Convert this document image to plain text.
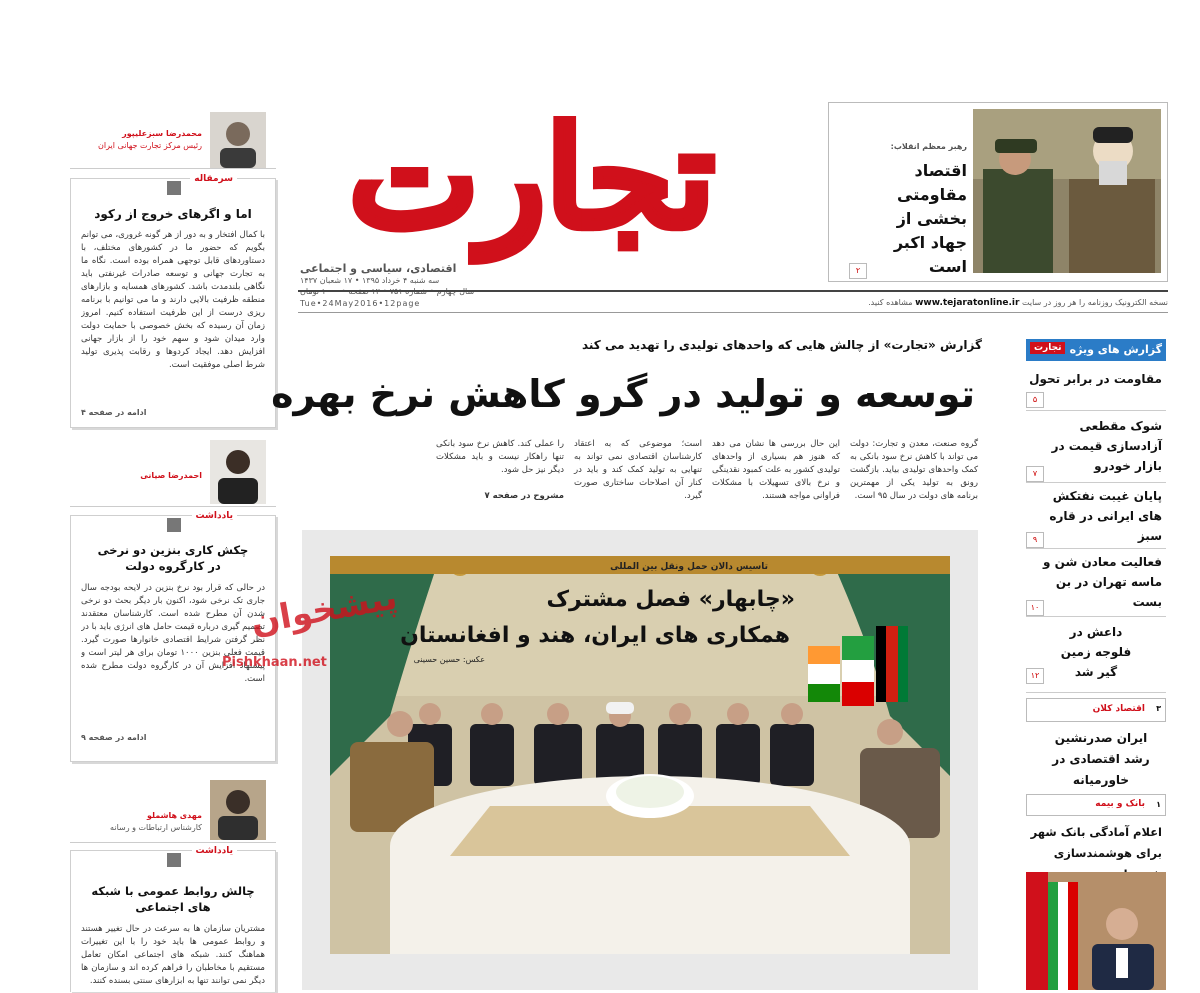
محمدرضا سبزعلیپور
رئیس مرکز تجارت جهانی ایران
سرمقاله
اما و اگرهای خروج از رکود
با کمال افتخار و به دور از هر گونه غروری، می توانم بگویم که حضور ما در کشورهای مختلف، با دستاوردهای قابل توجهی همراه بوده است. نگاه ما به تجارت جهانی و توسعه صادرات غیرنفتی باید نگاهی بلندمدت باشد. کشورهای همسایه و بازارهای منطقه ظرفیت بالایی دارند و ما می توانیم با برنامه ریزی درست از این ظرفیت استفاده کنیم. امروز زمان آن رسیده که بخش خصوصی با حمایت دولت وارد میدان شود و سهم خود را از بازار جهانی افزایش دهد. ایجاد کردوها و رقابت پذیری تولید شرط اصلی موفقیت است.
ادامه در صفحه ۴
احمدرضا صیانی
یادداشت
چکش کاری بنزین دو نرخی در کارگروه دولت
در حالی که قرار بود نرخ بنزین در لایحه بودجه سال جاری تک نرخی شود، اکنون بار دیگر بحث دو نرخی شدن آن مطرح شده است. کارشناسان معتقدند تصمیم گیری درباره قیمت حامل های انرژی باید با در نظر گرفتن شرایط اقتصادی خانوارها صورت گیرد. قیمت فعلی بنزین ۱۰۰۰ تومان برای هر لیتر است و پیشنهاد افزایش آن در کارگروه دولت مطرح شده است.
ادامه در صفحه ۹
مهدی هاشملو
کارشناس ارتباطات و رسانه
یادداشت
چالش روابط عمومی با شبکه های اجتماعی
مشتریان سازمان ها به سرعت در حال تغییر هستند و روابط عمومی ها باید خود را با این تغییرات هماهنگ کنند. شبکه های اجتماعی امکان تعامل مستقیم با مخاطبان را فراهم کرده اند و سازمان ها دیگر نمی توانند تنها به ابزارهای سنتی بسنده کنند.
تجارت
اقتصادی، سیاسی و اجتماعی
سه شنبه ۴ خرداد ۱۳۹۵ • ۱۷ شعبان ۱۴۳۷
Tue•24May2016•12page	نسخه الکترونیک روزنامه را هر روز در سایت www.tejaratonline.ir مشاهده کنید.
رهبر معظم انقلاب:
اقتصاد مقاومتی بخشی از جهاد اکبر است
۲
گزارش «تجارت» از چالش هایی که واحدهای تولیدی را تهدید می کند
توسعه و تولید در گرو کاهش نرخ بهره
گروه صنعت، معدن و تجارت: دولت می تواند با کاهش نرخ سود بانکی به کمک واحدهای تولیدی بیاید. بازگشت رونق به تولید یکی از مهمترین برنامه های دولت در سال ۹۵ است.
این حال بررسی ها نشان می دهد که هنوز هم بسیاری از واحدهای تولیدی کشور به علت کمبود نقدینگی و نرخ بالای تسهیلات با مشکلات فراوانی مواجه هستند.
است؛ موضوعی که به اعتقاد کارشناسان اقتصادی نمی تواند به تنهایی به تولید کمک کند و باید در کنار آن اصلاحات ساختاری صورت گیرد.
را عملی کند. کاهش نرخ سود بانکی تنها راهکار نیست و باید مشکلات دیگر نیز حل شود.
مشروح در صفحه ۷
تاسیس دالان حمل ونقل بین المللی
«چابهار» فصل مشترک
همکاری های ایران، هند و افغانستان
عکس: حسین حسینی
پیشخوان
Pishkhaan.net
گزارش های ویژه
تجارت
مقاومت در برابر تحول
۵
شوک مقطعی آزادسازی قیمت در بازار خودرو
۷
پایان غیبت نفتکش های ایرانی در قاره سبز
۹
فعالیت معادن شن و ماسه تهران در بن بست
۱۰
داعش در فلوجه زمین گیر شد
۱۲
۳
اقتصاد کلان
ایران صدرنشین رشد اقتصادی در خاورمیانه
۱
بانک و بیمه
اعلام آمادگی بانک شهر برای هوشمندسازی
